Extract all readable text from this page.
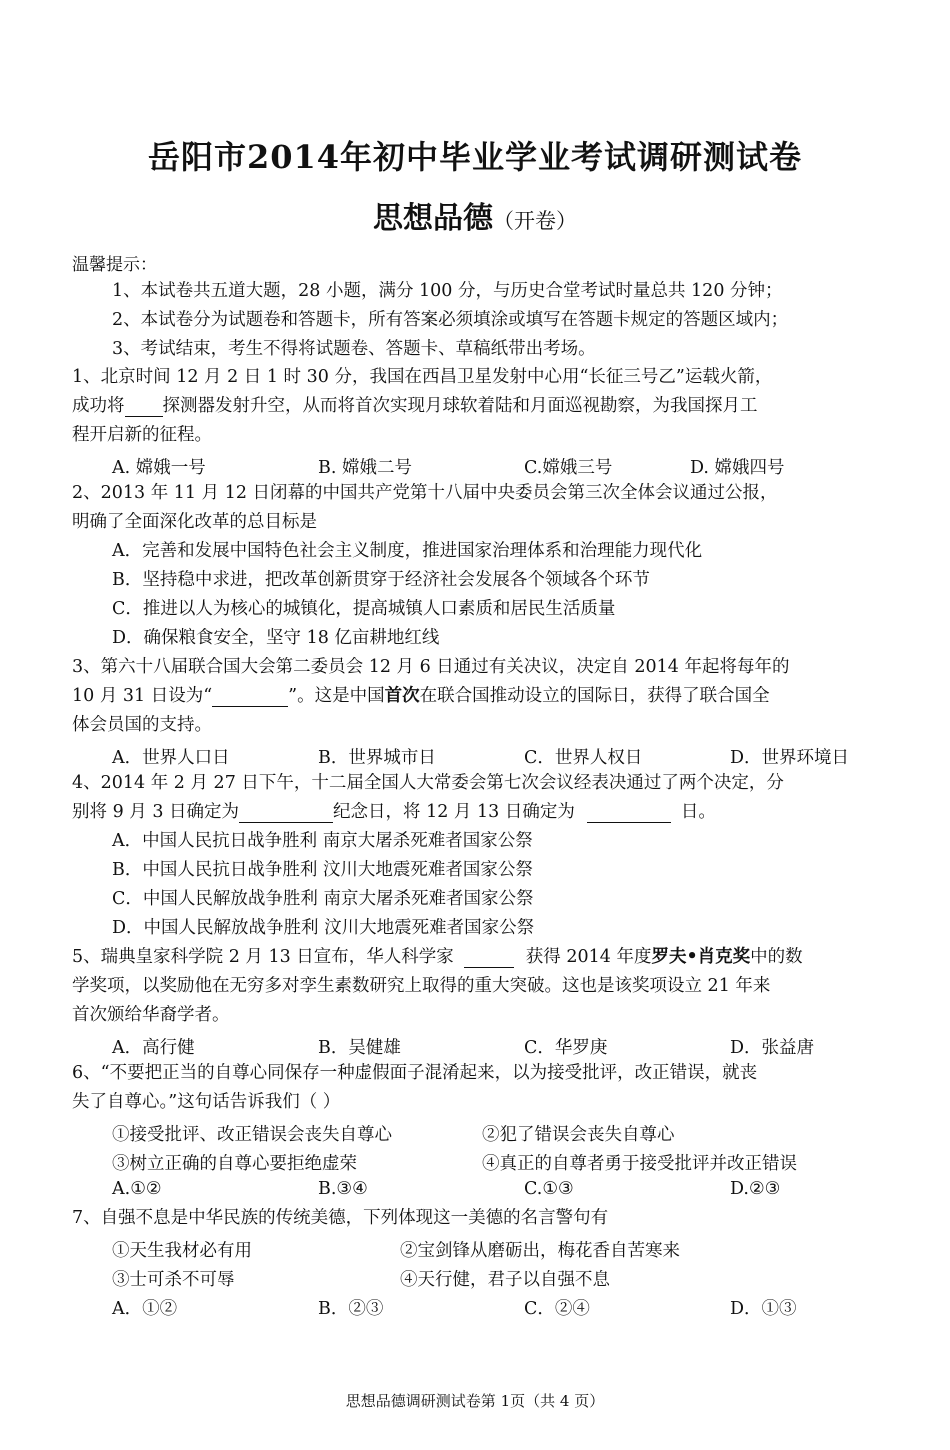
岳阳市2014年初中毕业学业考试调研测试卷
思想品德（开卷）
温馨提示：
1、本试卷共五道大题，28 小题，满分 100 分，与历史合堂考试时量总共 120 分钟；
2、本试卷分为试题卷和答题卡，所有答案必须填涂或填写在答题卡规定的答题区域内；
3、考试结束，考生不得将试题卷、答题卡、草稿纸带出考场。
1、北京时间 12 月 2 日 1 时 30 分，我国在西昌卫星发射中心用“长征三号乙”运载火箭，
成功将 探测器发射升空，从而将首次实现月球软着陆和月面巡视勘察，为我国探月工
程开启新的征程。
A. 嫦娥一号	B. 嫦娥二号	C.嫦娥三号	D. 嫦娥四号
2、2013 年 11 月 12 日闭幕的中国共产党第十八届中央委员会第三次全体会议通过公报，
明确了全面深化改革的总目标是
A．完善和发展中国特色社会主义制度，推进国家治理体系和治理能力现代化
B．坚持稳中求进，把改革创新贯穿于经济社会发展各个领域各个环节
C．推进以人为核心的城镇化，提高城镇人口素质和居民生活质量
D．确保粮食安全，坚守 18 亿亩耕地红线
3、第六十八届联合国大会第二委员会 12 月 6 日通过有关决议，决定自 2014 年起将每年的
10 月 31 日设为“	”。这是中国首次在联合国推动设立的国际日，获得了联合国全
体会员国的支持。
A．世界人口日	B．世界城市日	C．世界人权日	D．世界环境日
4、2014 年 2 月 27 日下午，十二届全国人大常委会第七次会议经表决通过了两个决定，分
别将 9 月 3 日确定为	纪念日，将 12 月 13 日确定为	日。
A．中国人民抗日战争胜利 南京大屠杀死难者国家公祭
B．中国人民抗日战争胜利 汶川大地震死难者国家公祭
C．中国人民解放战争胜利 南京大屠杀死难者国家公祭
D．中国人民解放战争胜利 汶川大地震死难者国家公祭
5、瑞典皇家科学院 2 月 13 日宣布，华人科学家	获得 2014 年度罗夫•肖克奖中的数
学奖项，以奖励他在无穷多对孪生素数研究上取得的重大突破。这也是该奖项设立 21 年来
首次颁给华裔学者。
A．高行健	B．吴健雄	C．华罗庚	D．张益唐
6、“不要把正当的自尊心同保存一种虚假面子混淆起来，以为接受批评，改正错误，就丧
失了自尊心。”这句话告诉我们（ ）
①接受批评、改正错误会丧失自尊心	②犯了错误会丧失自尊心
③树立正确的自尊心要拒绝虚荣	④真正的自尊者勇于接受批评并改正错误
A.①②	B.③④	C.①③	D.②③
7、自强不息是中华民族的传统美德，下列体现这一美德的名言警句有
①天生我材必有用	②宝剑锋从磨砺出，梅花香自苦寒来
③士可杀不可辱	④天行健，君子以自强不息
A．①②	B．②③	C．②④	D．①③
思想品德调研测试卷第 1页（共 4 页）
